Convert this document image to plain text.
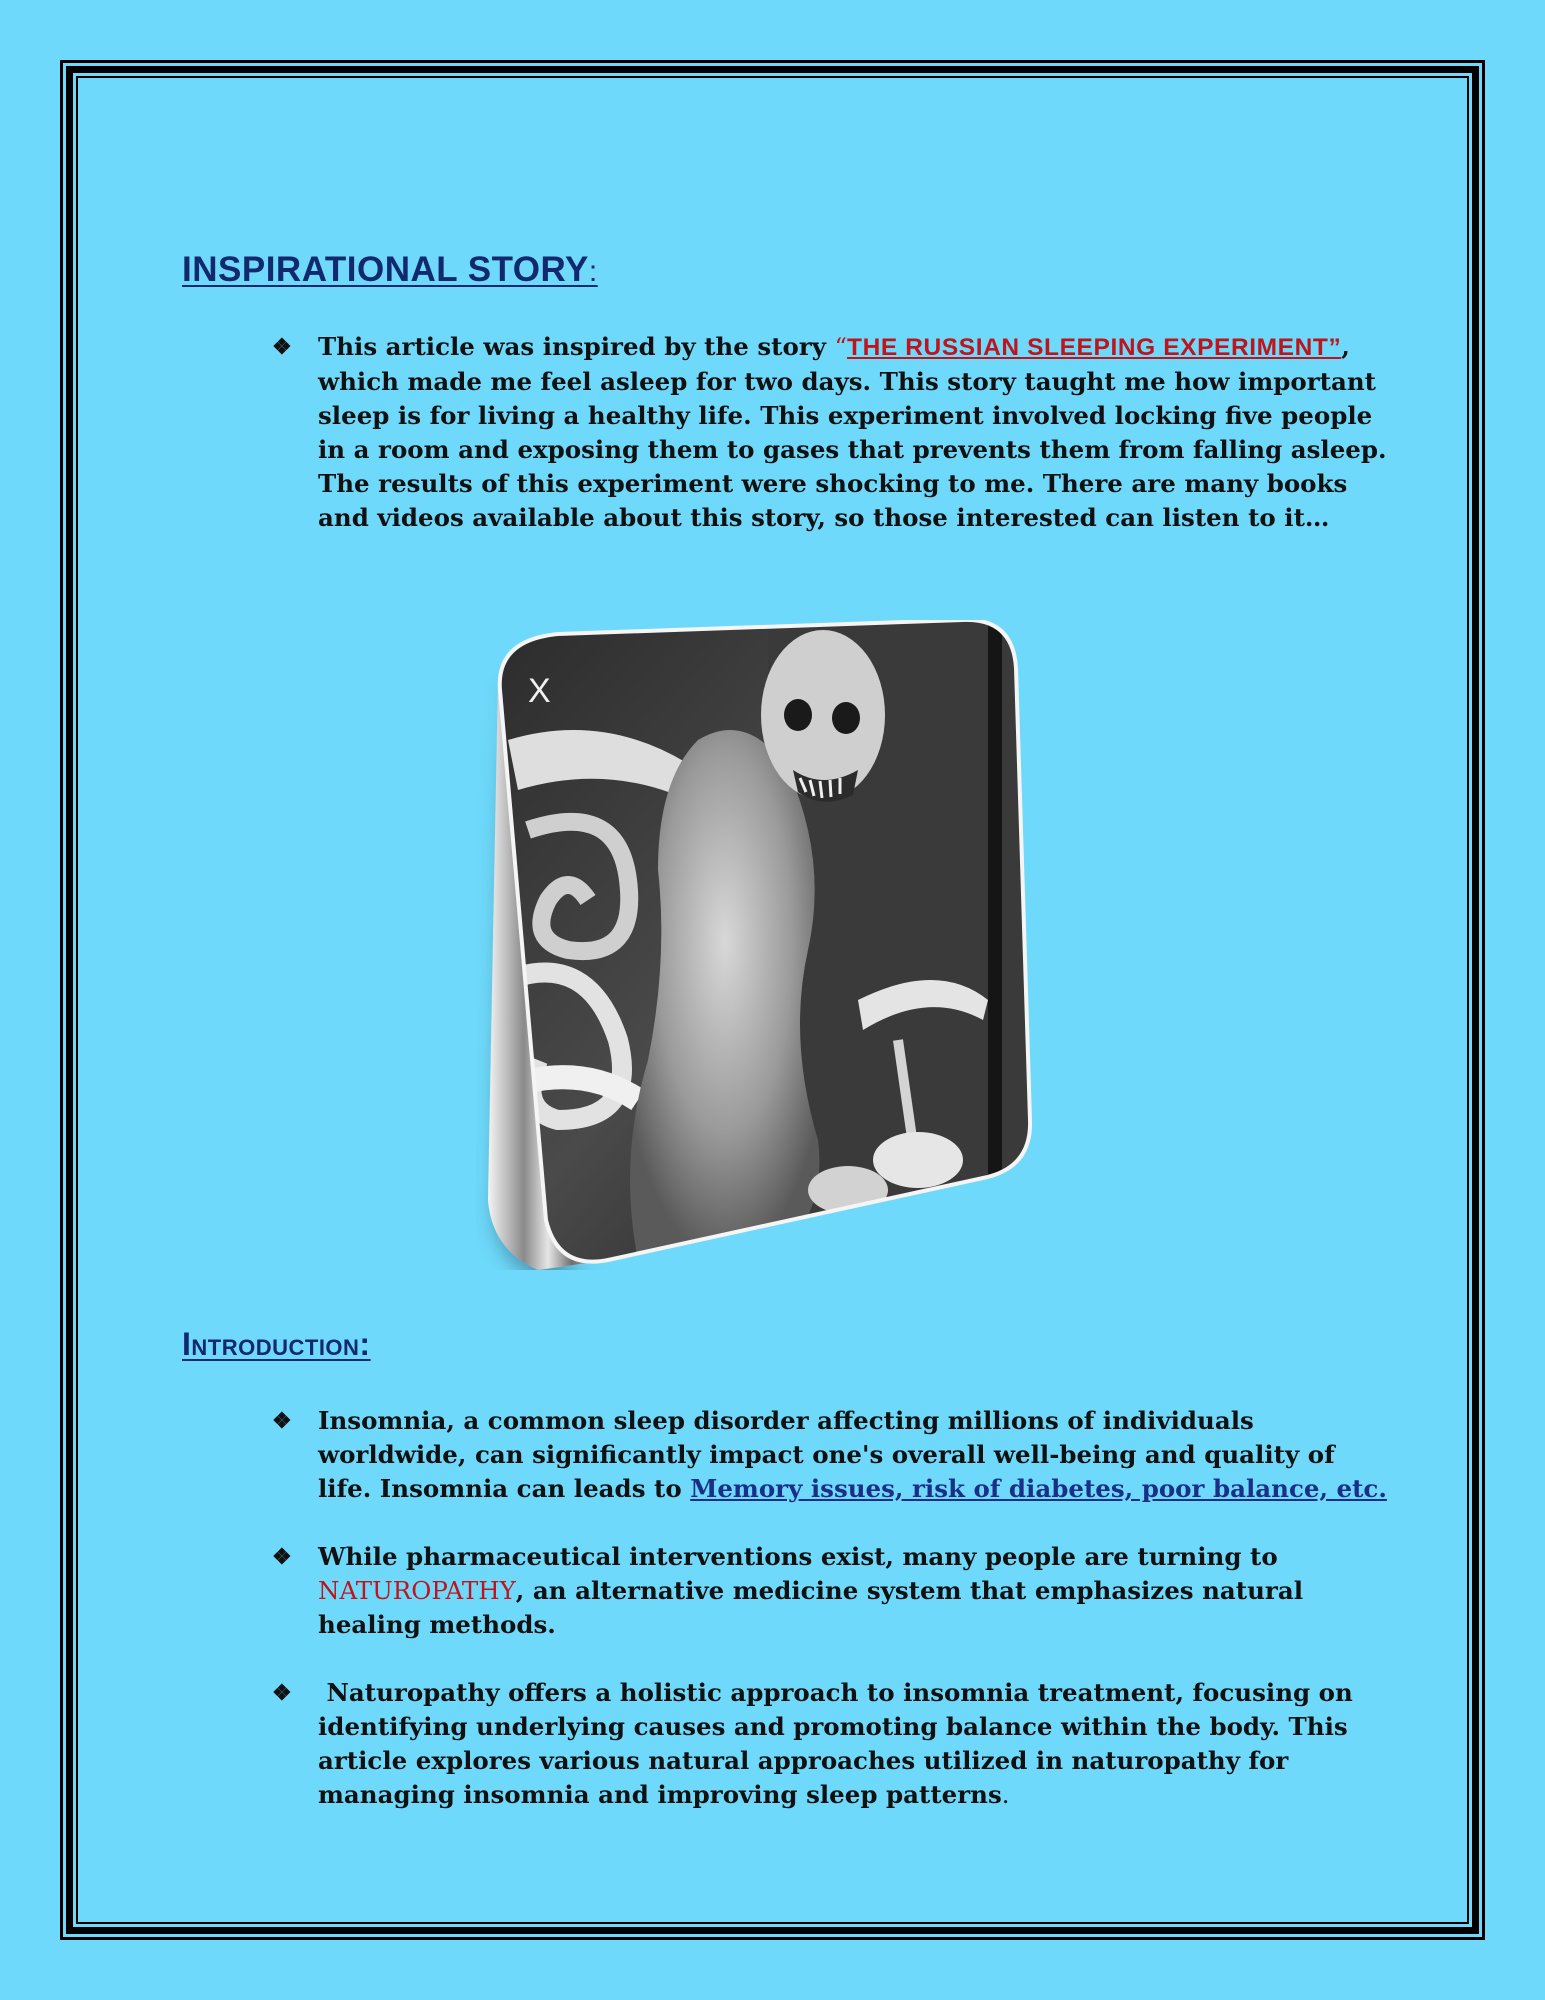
INSPIRATIONAL STORY:
❖ This article was inspired by the story “THE RUSSIAN SLEEPING EXPERIMENT”, which made me feel asleep for two days. This story taught me how important sleep is for living a healthy life. This experiment involved locking five people in a room and exposing them to gases that prevents them from falling asleep. The results of this experiment were shocking to me. There are many books and videos available about this story, so those interested can listen to it…
X
Introduction:
❖ Insomnia, a common sleep disorder affecting millions of individuals worldwide, can significantly impact one's overall well-being and quality of life. Insomnia can leads to Memory issues, risk of diabetes, poor balance, etc.
❖ While pharmaceutical interventions exist, many people are turning to NATUROPATHY, an alternative medicine system that emphasizes natural healing methods.
❖ Naturopathy offers a holistic approach to insomnia treatment, focusing on identifying underlying causes and promoting balance within the body. This article explores various natural approaches utilized in naturopathy for managing insomnia and improving sleep patterns.
